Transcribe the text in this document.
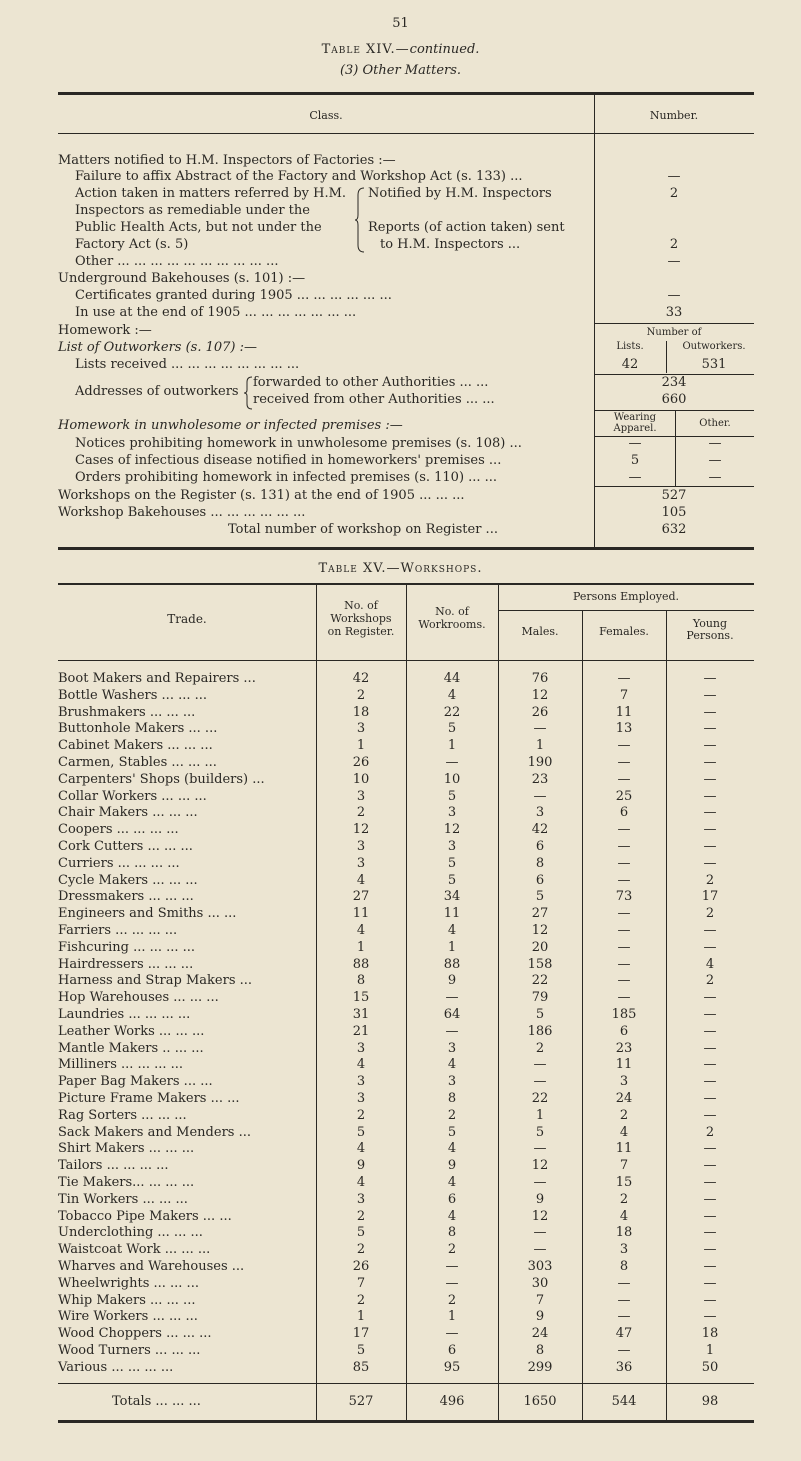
51
Table XIV.—continued.
(3) Other Matters.
Class.	Number.
Matters notified to H.M. Inspectors of Factories :—
Failure to affix Abstract of the Factory and Workshop Act (s. 133) ...	—
Action taken in matters referred by H.M.
Inspectors as remediable under the
Public Health Acts, but not under the
Factory Act (s. 5)
Notified by H.M. Inspectors	2
Reports (of action taken) sent
to H.M. Inspectors ...	2
Other ... ... ... ... ... ... ... ... ... ...	—
Underground Bakehouses (s. 101) :—
Certificates granted during 1905 ... ... ... ... ... ...	—
In use at the end of 1905 ... ... ... ... ... ... ...	33
Homework :—	Number of
List of Outworkers (s. 107) :—	Lists.	Outworkers.
Lists received ... ... ... ... ... ... ... ...	42	531
Addresses of outworkers
forwarded to other Authorities ... ...	234
received from other Authorities ... ...	660
Homework in unwholesome or infected premises :—
Wearing
Apparel.	Other.
Notices prohibiting homework in unwholesome premises (s. 108) ...	—	—
Cases of infectious disease notified in homeworkers' premises ...	5	—
Orders prohibiting homework in infected premises (s. 110) ... ...	—	—
Workshops on the Register (s. 131) at the end of 1905 ... ... ...	527
Workshop Bakehouses ... ... ... ... ... ...	105
Total number of workshop on Register ...	632
Table XV.—Workshops.
Trade.
No. of
Workshops
on Register.
No. of
Workrooms.
Persons Employed.
Males.	Females.
Young
Persons.
Boot Makers and Repairers ...	42	44	76	—	—
Bottle Washers ... ... ...	2	4	12	7	—
Brushmakers ... ... ...	18	22	26	11	—
Buttonhole Makers ... ...	3	5	—	13	—
Cabinet Makers ... ... ...	1	1	1	—	—
Carmen, Stables ... ... ...	26	—	190	—	—
Carpenters' Shops (builders) ...	10	10	23	—	—
Collar Workers ... ... ...	3	5	—	25	—
Chair Makers ... ... ...	2	3	3	6	—
Coopers ... ... ... ...	12	12	42	—	—
Cork Cutters ... ... ...	3	3	6	—	—
Curriers ... ... ... ...	3	5	8	—	—
Cycle Makers ... ... ...	4	5	6	—	2
Dressmakers ... ... ...	27	34	5	73	17
Engineers and Smiths ... ...	11	11	27	—	2
Farriers ... ... ... ...	4	4	12	—	—
Fishcuring ... ... ... ...	1	1	20	—	—
Hairdressers ... ... ...	88	88	158	—	4
Harness and Strap Makers ...	8	9	22	—	2
Hop Warehouses ... ... ...	15	—	79	—	—
Laundries ... ... ... ...	31	64	5	185	—
Leather Works ... ... ...	21	—	186	6	—
Mantle Makers .. ... ...	3	3	2	23	—
Milliners ... ... ... ...	4	4	—	11	—
Paper Bag Makers ... ...	3	3	—	3	—
Picture Frame Makers ... ...	3	8	22	24	—
Rag Sorters ... ... ...	2	2	1	2	—
Sack Makers and Menders ...	5	5	5	4	2
Shirt Makers ... ... ...	4	4	—	11	—
Tailors ... ... ... ...	9	9	12	7	—
Tie Makers... ... ... ...	4	4	—	15	—
Tin Workers ... ... ...	3	6	9	2	—
Tobacco Pipe Makers ... ...	2	4	12	4	—
Underclothing ... ... ...	5	8	—	18	—
Waistcoat Work ... ... ...	2	2	—	3	—
Wharves and Warehouses ...	26	—	303	8	—
Wheelwrights ... ... ...	7	—	30	—	—
Whip Makers ... ... ...	2	2	7	—	—
Wire Workers ... ... ...	1	1	9	—	—
Wood Choppers ... ... ...	17	—	24	47	18
Wood Turners ... ... ...	5	6	8	—	1
Various ... ... ... ...	85	95	299	36	50
Totals ... ... ...	527	496	1650	544	98
